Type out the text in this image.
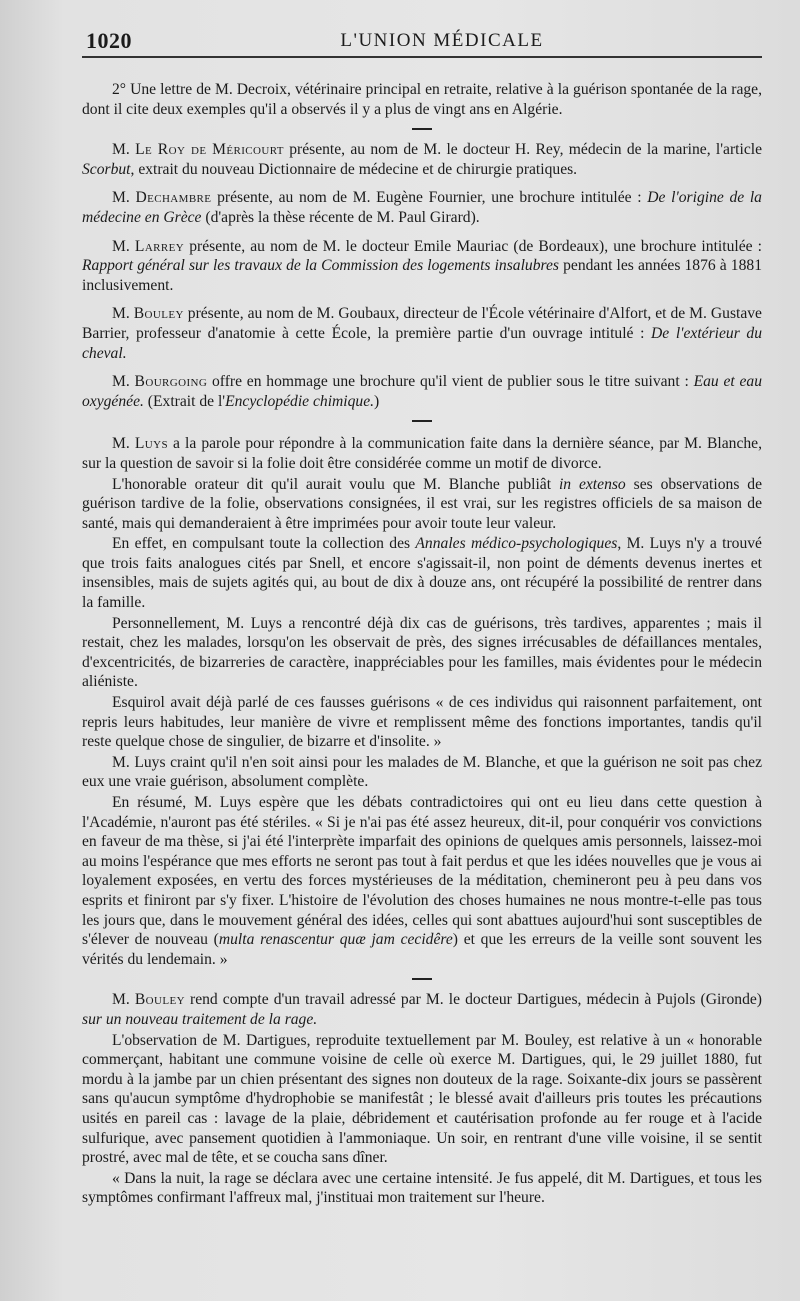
1020	L'UNION MÉDICALE

2° Une lettre de M. Decroix, vétérinaire principal en retraite, relative à la guérison spontanée de la rage, dont il cite deux exemples qu'il a observés il y a plus de vingt ans en Algérie.

M. Le Roy de Méricourt présente, au nom de M. le docteur H. Rey, médecin de la marine, l'article Scorbut, extrait du nouveau Dictionnaire de médecine et de chirurgie pratiques.

M. Dechambre présente, au nom de M. Eugène Fournier, une brochure intitulée : De l'origine de la médecine en Grèce (d'après la thèse récente de M. Paul Girard).

M. Larrey présente, au nom de M. le docteur Emile Mauriac (de Bordeaux), une brochure intitulée : Rapport général sur les travaux de la Commission des logements insalubres pendant les années 1876 à 1881 inclusivement.

M. Bouley présente, au nom de M. Goubaux, directeur de l'École vétérinaire d'Alfort, et de M. Gustave Barrier, professeur d'anatomie à cette École, la première partie d'un ouvrage intitulé : De l'extérieur du cheval.

M. Bourgoing offre en hommage une brochure qu'il vient de publier sous le titre suivant : Eau et eau oxygénée. (Extrait de l'Encyclopédie chimique.)

M. Luys a la parole pour répondre à la communication faite dans la dernière séance, par M. Blanche, sur la question de savoir si la folie doit être considérée comme un motif de divorce.

L'honorable orateur dit qu'il aurait voulu que M. Blanche publiât in extenso ses observations de guérison tardive de la folie, observations consignées, il est vrai, sur les registres officiels de sa maison de santé, mais qui demanderaient à être imprimées pour avoir toute leur valeur.

En effet, en compulsant toute la collection des Annales médico-psychologiques, M. Luys n'y a trouvé que trois faits analogues cités par Snell, et encore s'agissait-il, non point de déments devenus inertes et insensibles, mais de sujets agités qui, au bout de dix à douze ans, ont récupéré la possibilité de rentrer dans la famille.

Personnellement, M. Luys a rencontré déjà dix cas de guérisons, très tardives, apparentes ; mais il restait, chez les malades, lorsqu'on les observait de près, des signes irrécusables de défaillances mentales, d'excentricités, de bizarreries de caractère, inappréciables pour les familles, mais évidentes pour le médecin aliéniste.

Esquirol avait déjà parlé de ces fausses guérisons « de ces individus qui raisonnent parfaitement, ont repris leurs habitudes, leur manière de vivre et remplissent même des fonctions importantes, tandis qu'il reste quelque chose de singulier, de bizarre et d'insolite. »

M. Luys craint qu'il n'en soit ainsi pour les malades de M. Blanche, et que la guérison ne soit pas chez eux une vraie guérison, absolument complète.

En résumé, M. Luys espère que les débats contradictoires qui ont eu lieu dans cette question à l'Académie, n'auront pas été stériles. « Si je n'ai pas été assez heureux, dit-il, pour conquérir vos convictions en faveur de ma thèse, si j'ai été l'interprète imparfait des opinions de quelques amis personnels, laissez-moi au moins l'espérance que mes efforts ne seront pas tout à fait perdus et que les idées nouvelles que je vous ai loyalement exposées, en vertu des forces mystérieuses de la méditation, chemineront peu à peu dans vos esprits et finiront par s'y fixer. L'histoire de l'évolution des choses humaines ne nous montre-t-elle pas tous les jours que, dans le mouvement général des idées, celles qui sont abattues aujourd'hui sont susceptibles de s'élever de nouveau (multa renascentur quæ jam cecidêre) et que les erreurs de la veille sont souvent les vérités du lendemain. »

M. Bouley rend compte d'un travail adressé par M. le docteur Dartigues, médecin à Pujols (Gironde) sur un nouveau traitement de la rage.

L'observation de M. Dartigues, reproduite textuellement par M. Bouley, est relative à un « honorable commerçant, habitant une commune voisine de celle où exerce M. Dartigues, qui, le 29 juillet 1880, fut mordu à la jambe par un chien présentant des signes non douteux de la rage. Soixante-dix jours se passèrent sans qu'aucun symptôme d'hydrophobie se manifestât ; le blessé avait d'ailleurs pris toutes les précautions usités en pareil cas : lavage de la plaie, débridement et cautérisation profonde au fer rouge et à l'acide sulfurique, avec pansement quotidien à l'ammoniaque. Un soir, en rentrant d'une ville voisine, il se sentit prostré, avec mal de tête, et se coucha sans dîner.

« Dans la nuit, la rage se déclara avec une certaine intensité. Je fus appelé, dit M. Dartigues, et tous les symptômes confirmant l'affreux mal, j'instituai mon traitement sur l'heure.
